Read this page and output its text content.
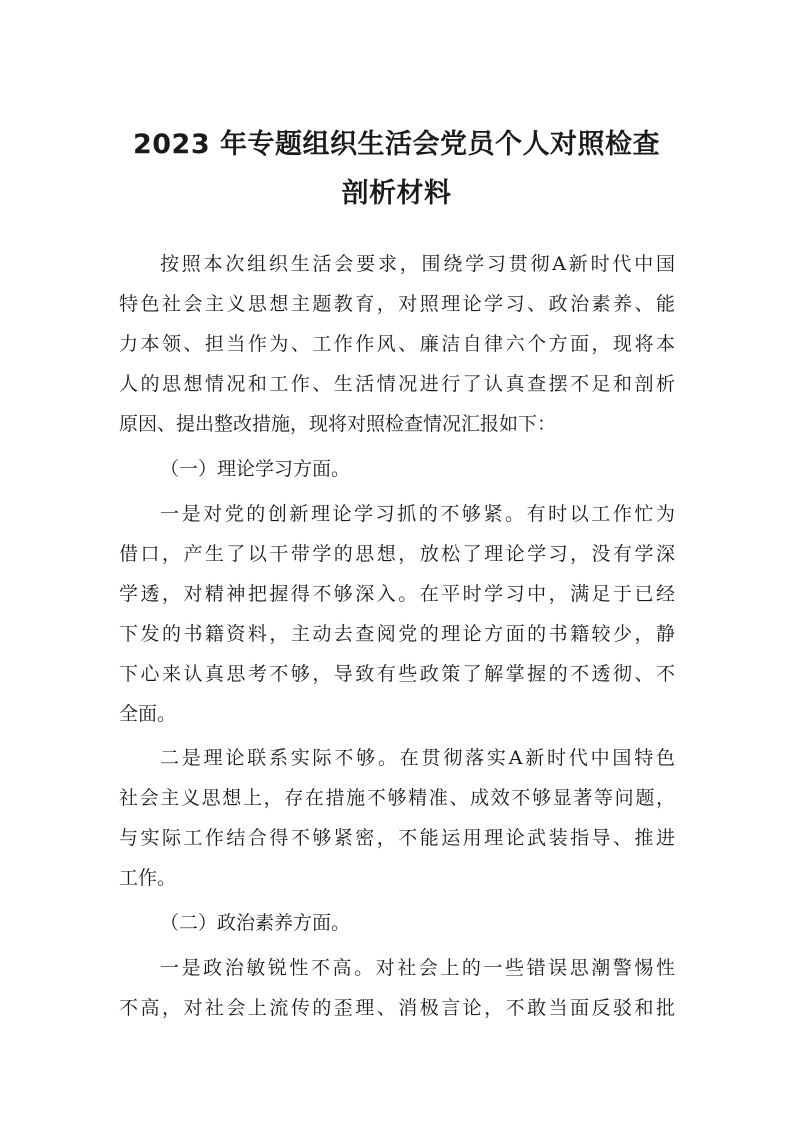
2023 年专题组织生活会党员个人对照检查
剖析材料
按照本次组织生活会要求，围绕学习贯彻A新时代中国
特色社会主义思想主题教育，对照理论学习、政治素养、能
力本领、担当作为、工作作风、廉洁自律六个方面，现将本
人的思想情况和工作、生活情况进行了认真查摆不足和剖析
原因、提出整改措施，现将对照检查情况汇报如下：
（一）理论学习方面。
一是对党的创新理论学习抓的不够紧。有时以工作忙为
借口，产生了以干带学的思想，放松了理论学习，没有学深
学透，对精神把握得不够深入。在平时学习中，满足于已经
下发的书籍资料，主动去查阅党的理论方面的书籍较少，静
下心来认真思考不够，导致有些政策了解掌握的不透彻、不
全面。
二是理论联系实际不够。在贯彻落实A新时代中国特色
社会主义思想上，存在措施不够精准、成效不够显著等问题，
与实际工作结合得不够紧密，不能运用理论武装指导、推进
工作。
（二）政治素养方面。
一是政治敏锐性不高。对社会上的一些错误思潮警惕性
不高，对社会上流传的歪理、消极言论，不敢当面反驳和批
